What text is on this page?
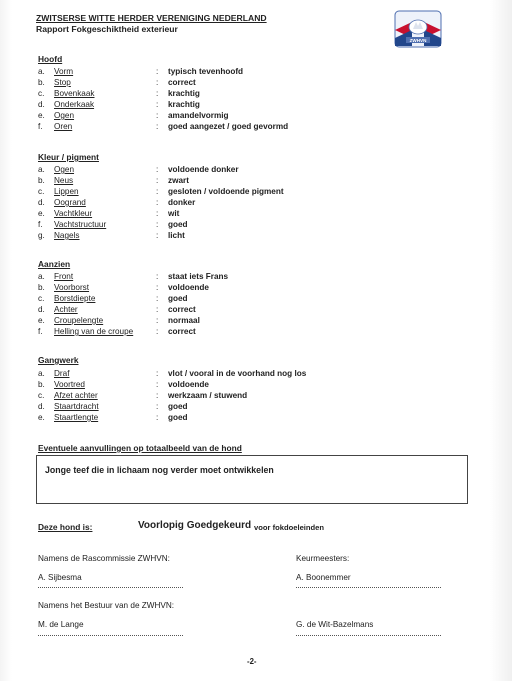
ZWITSERSE WITTE HERDER VERENIGING NEDERLAND
Rapport Fokgeschiktheid exterieur
ZWHVN
Hoofd
a.	Vorm	: typisch tevenhoofd
b.	Stop	: correct
c.	Bovenkaak	: krachtig
d.	Onderkaak	: krachtig
e.	Ogen	: amandelvormig
f.	Oren	: goed aangezet / goed gevormd
Kleur / pigment
a.	Ogen	: voldoende donker
b.	Neus	: zwart
c.	Lippen	: gesloten / voldoende pigment
d.	Oogrand	: donker
e.	Vachtkleur	: wit
f.	Vachtstructuur	: goed
g.	Nagels	: licht
Aanzien
a.	Front	: staat iets Frans
b.	Voorborst	: voldoende
c.	Borstdiepte	: goed
d.	Achter	: correct
e.	Croupelengte	: normaal
f.	Helling van de croupe	: correct
Gangwerk
a.	Draf	: vlot / vooral in de voorhand nog los
b.	Voortred	: voldoende
c.	Afzet achter	: werkzaam / stuwend
d.	Staartdracht	: goed
e.	Staartlengte	: goed
Eventuele aanvullingen op totaalbeeld van de hond
Jonge teef die in lichaam nog verder moet ontwikkelen
Deze hond is:	Voorlopig Goedgekeurd voor fokdoeleinden
Namens de Rascommissie ZWHVN:	Keurmeesters:
A. Sijbesma	A. Boonemmer
Namens het Bestuur van de ZWHVN:
M. de Lange	G. de Wit-Bazelmans
-2-
